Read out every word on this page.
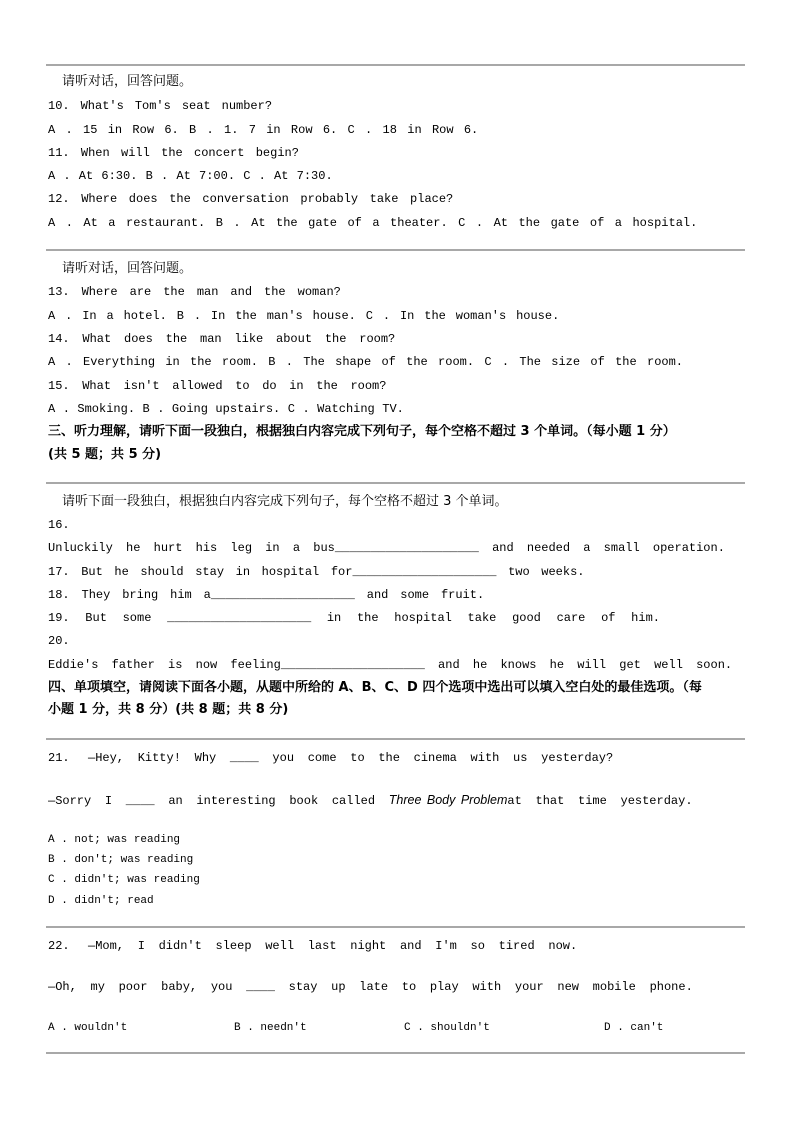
请听对话，回答问题。
10. What's Tom's seat number?
A . 15 in Row 6. B . 1. 7 in Row 6. C . 18 in Row 6.
11. When will the concert begin?
A . At 6:30. B . At 7:00. C . At 7:30.
12. Where does the conversation probably take place?
A . At a restaurant. B . At the gate of a theater. C . At the gate of a hospital.
请听对话，回答问题。
13. Where are the man and the woman?
A . In a hotel. B . In the man's house. C . In the woman's house.
14. What does the man like about the room?
A . Everything in the room. B . The shape of the room. C . The size of the room.
15. What isn't allowed to do in the room?
A . Smoking. B . Going upstairs. C . Watching TV.
三、听力理解，请听下面一段独白，根据独白内容完成下列句子，每个空格不超过 3 个单词。（每小题 1 分）
(共 5 题；共 5 分)
请听下面一段独白，根据独白内容完成下列句子，每个空格不超过 3 个单词。
16.
Unluckily he hurt his leg in a bus____________________ and needed a small operation.
17. But he should stay in hospital for____________________ two weeks.
18. They bring him a____________________ and some fruit.
19. But some ____________________ in the hospital take good care of him.
20.
Eddie's father is now feeling____________________ and he knows he will get well soon.
四、单项填空，请阅读下面各小题，从题中所给的 A、B、C、D 四个选项中选出可以填入空白处的最佳选项。（每
小题 1 分，共 8 分）(共 8 题；共 8 分)
21. —Hey, Kitty! Why ____ you come to the cinema with us yesterday?
—Sorry I ____ an interesting book called Three Body Problemat that time yesterday.
A . not; was reading
B . don't; was reading
C . didn't; was reading
D . didn't; read
22. —Mom, I didn't sleep well last night and I'm so tired now.
—Oh, my poor baby, you ____ stay up late to play with your new mobile phone.
A . wouldn't	B . needn't	C . shouldn't	D . can't
